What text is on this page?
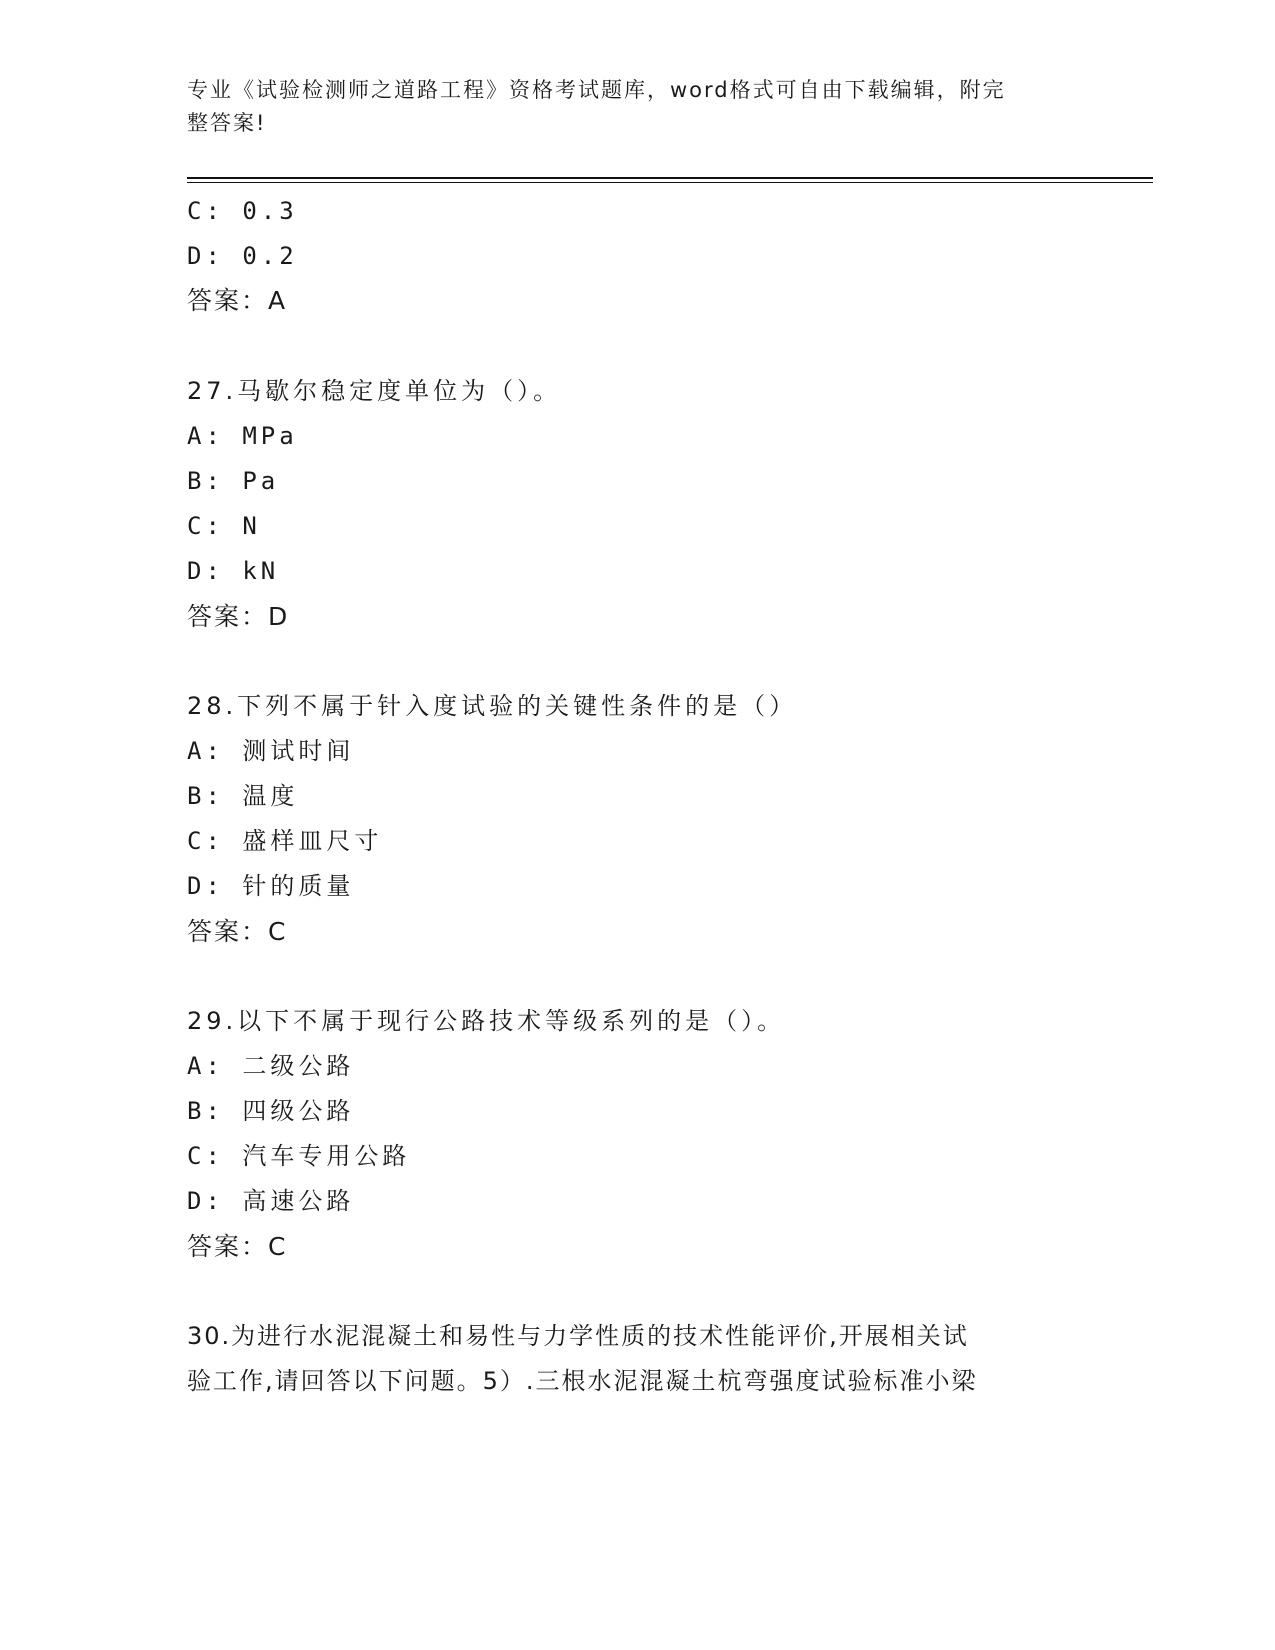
专业《试验检测师之道路工程》资格考试题库，word格式可自由下载编辑，附完
整答案!
C: 0.3
D: 0.2
答案：A
27.马歇尔稳定度单位为（）。
A: MPa
B: Pa
C: N
D: kN
答案：D
28.下列不属于针入度试验的关键性条件的是（）
A: 测试时间
B: 温度
C: 盛样皿尺寸
D: 针的质量
答案：C
29.以下不属于现行公路技术等级系列的是（）。
A: 二级公路
B: 四级公路
C: 汽车专用公路
D: 高速公路
答案：C
30.为进行水泥混凝土和易性与力学性质的技术性能评价,开展相关试
验工作,请回答以下问题。5）.三根水泥混凝土杭弯强度试验标准小梁
